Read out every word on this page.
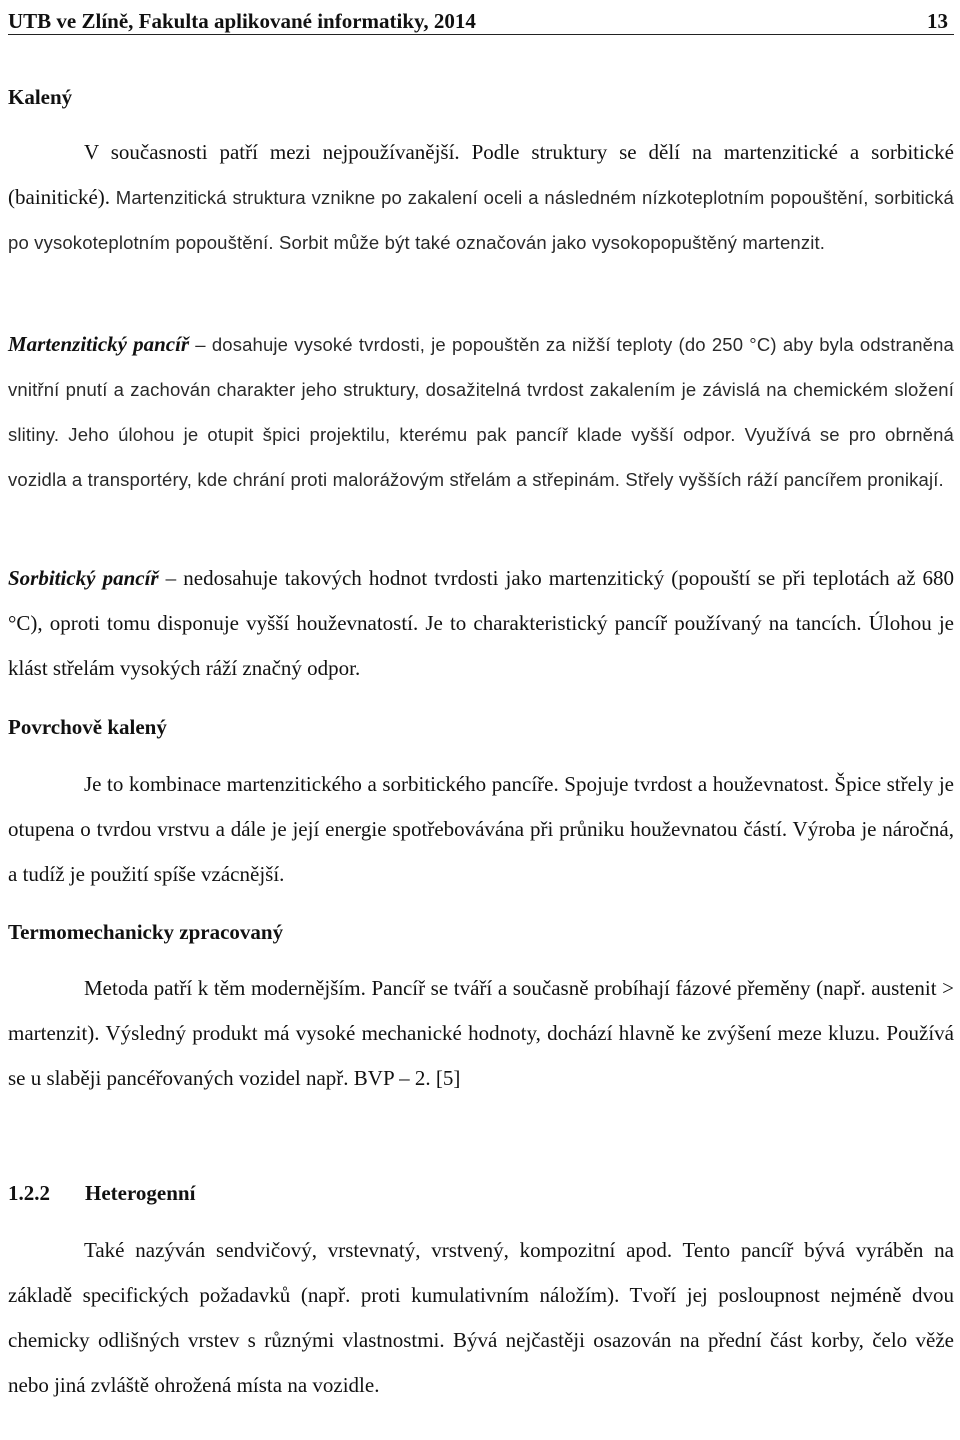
UTB ve Zlíně, Fakulta aplikované informatiky, 2014	13
Kalený

V současnosti patří mezi nejpoužívanější. Podle struktury se dělí na martenzitické a sorbitické (bainitické). Martenzitická struktura vznikne po zakalení oceli a následném nízkoteplotním popouštění, sorbitická po vysokoteplotním popouštění. Sorbit může být také označován jako vysokopopuštěný martenzit.

Martenzitický pancíř – dosahuje vysoké tvrdosti, je popouštěn za nižší teploty (do 250 °C) aby byla odstraněna vnitřní pnutí a zachován charakter jeho struktury, dosažitelná tvrdost zakalením je závislá na chemickém složení slitiny. Jeho úlohou je otupit špici projektilu, kterému pak pancíř klade vyšší odpor. Využívá se pro obrněná vozidla a transportéry, kde chrání proti malorážovým střelám a střepinám. Střely vyšších ráží pancířem pronikají.

Sorbitický pancíř – nedosahuje takových hodnot tvrdosti jako martenzitický (popouští se při teplotách až 680 °C), oproti tomu disponuje vyšší houževnatostí. Je to charakteristický pancíř používaný na tancích. Úlohou je klást střelám vysokých ráží značný odpor.

Povrchově kalený

Je to kombinace martenzitického a sorbitického pancíře. Spojuje tvrdost a houževnatost. Špice střely je otupena o tvrdou vrstvu a dále je její energie spotřebovávána při průniku houževnatou částí. Výroba je náročná, a tudíž je použití spíše vzácnější.

Termomechanicky zpracovaný

Metoda patří k těm modernějším. Pancíř se tváří a současně probíhají fázové přeměny (např. austenit > martenzit). Výsledný produkt má vysoké mechanické hodnoty, dochází hlavně ke zvýšení meze kluzu. Používá se u slaběji pancéřovaných vozidel např. BVP – 2. [5]

1.2.2 Heterogenní

Také nazýván sendvičový, vrstevnatý, vrstvený, kompozitní apod. Tento pancíř bývá vyráběn na základě specifických požadavků (např. proti kumulativním náložím). Tvoří jej posloupnost nejméně dvou chemicky odlišných vrstev s různými vlastnostmi. Bývá nejčastěji osazován na přední část korby, čelo věže nebo jiná zvláště ohrožená místa na vozidle.
